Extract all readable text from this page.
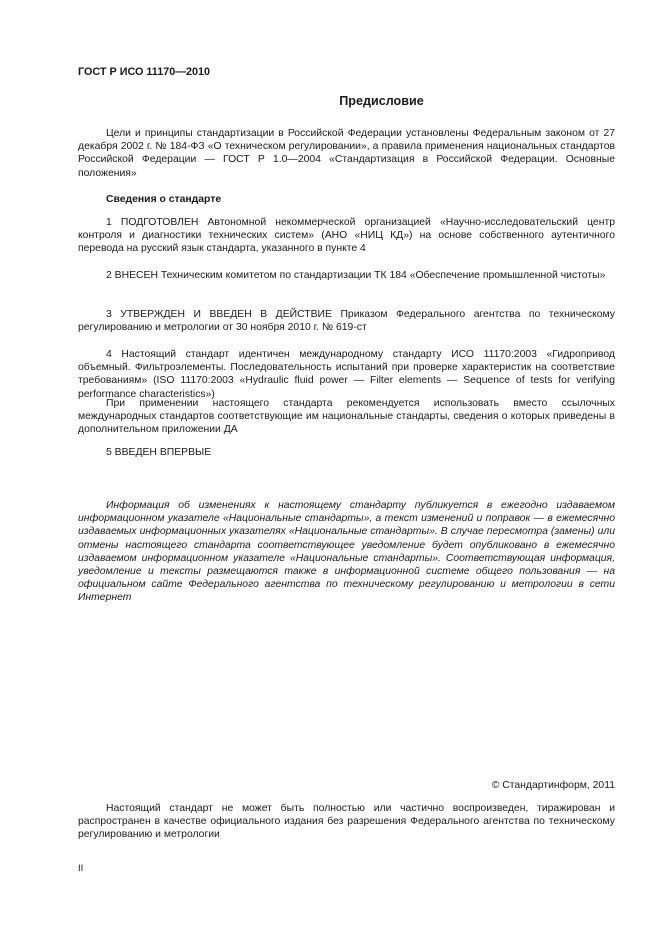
ГОСТ Р ИСО 11170—2010
Предисловие

Цели и принципы стандартизации в Российской Федерации установлены Федеральным законом от 27 декабря 2002 г. № 184-ФЗ «О техническом регулировании», а правила применения национальных стандартов Российской Федерации — ГОСТ Р 1.0—2004 «Стандартизация в Российской Федерации. Основные положения»

Сведения о стандарте

1 ПОДГОТОВЛЕН Автономной некоммерческой организацией «Научно-исследовательский центр контроля и диагностики технических систем» (АНО «НИЦ КД») на основе собственного аутентичного перевода на русский язык стандарта, указанного в пункте 4

2 ВНЕСЕН Техническим комитетом по стандартизации ТК 184 «Обеспечение промышленной чистоты»

3 УТВЕРЖДЕН И ВВЕДЕН В ДЕЙСТВИЕ Приказом Федерального агентства по техническому регулированию и метрологии от 30 ноября 2010 г. № 619-ст

4 Настоящий стандарт идентичен международному стандарту ИСО 11170:2003 «Гидропривод объемный. Фильтроэлементы. Последовательность испытаний при проверке характеристик на соответствие требованиям» (ISO 11170:2003 «Hydraulic fluid power — Filter elements — Sequence of tests for verifying performance characteristics»)

При применении настоящего стандарта рекомендуется использовать вместо ссылочных международных стандартов соответствующие им национальные стандарты, сведения о которых приведены в дополнительном приложении ДА

5 ВВЕДЕН ВПЕРВЫЕ

Информация об изменениях к настоящему стандарту публикуется в ежегодно издаваемом информационном указателе «Национальные стандарты», а текст изменений и поправок — в ежемесячно издаваемых информационных указателях «Национальные стандарты». В случае пересмотра (замены) или отмены настоящего стандарта соответствующее уведомление будет опубликовано в ежемесячно издаваемом информационном указателе «Национальные стандарты». Соответствующая информация, уведомление и тексты размещаются также в информационной системе общего пользования — на официальном сайте Федерального агентства по техническому регулированию и метрологии в сети Интернет

© Стандартинформ, 2011

Настоящий стандарт не может быть полностью или частично воспроизведен, тиражирован и распространен в качестве официального издания без разрешения Федерального агентства по техническому регулированию и метрологии

II
